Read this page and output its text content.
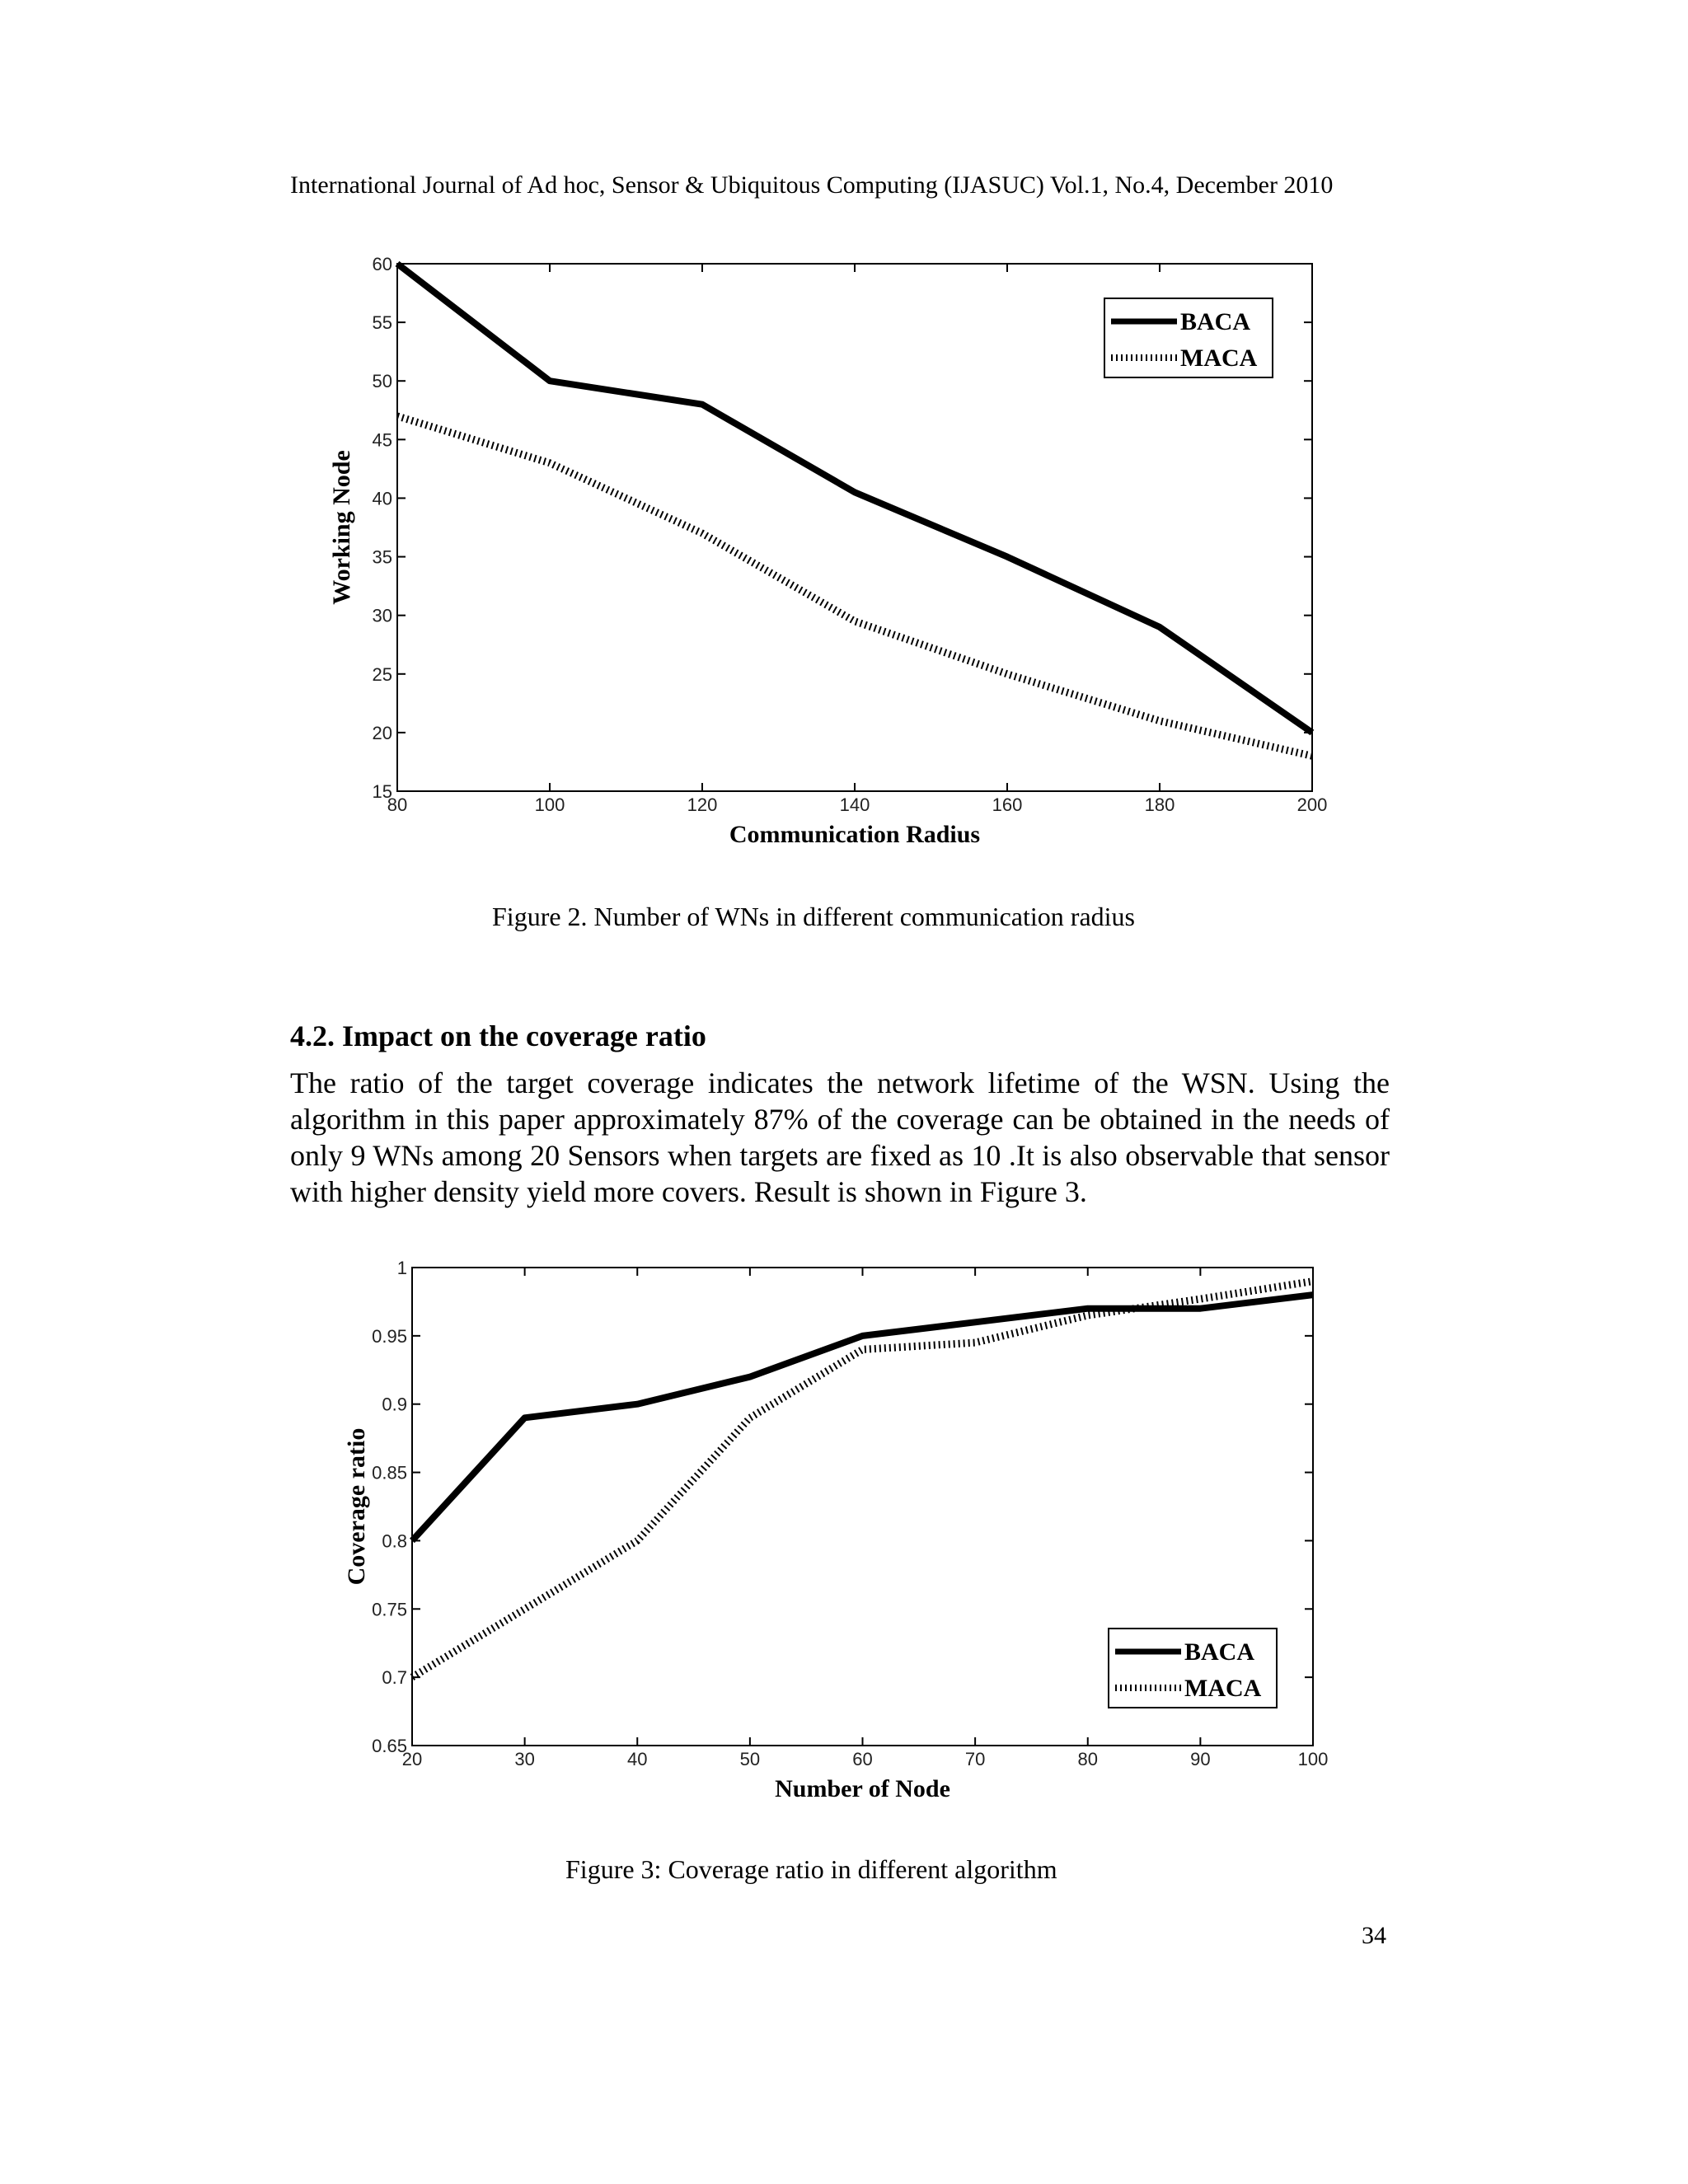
International Journal of Ad hoc, Sensor & Ubiquitous Computing (IJASUC) Vol.1, No.4, December 2010
80	100	120	140	160	180	200
15
20
25
30
35
40
45
50
55
60
Communication Radius
Working Node
BACA
MACA
Figure 2. Number of WNs in different communication radius
4.2. Impact on the coverage ratio
The ratio of the target coverage indicates the network lifetime of the WSN. Using the algorithm in this paper approximately 87% of the coverage can be obtained in the needs of only 9 WNs among 20 Sensors when targets are fixed as 10 .It is also observable that sensor with higher density yield more covers. Result is shown in Figure 3.
20	30	40	50	60	70	80	90	100
0.65
0.7
0.75
0.8
0.85
0.9
0.95
1
Number of Node
Coverage ratio
BACA
MACA
Figure 3: Coverage ratio in different algorithm
34
